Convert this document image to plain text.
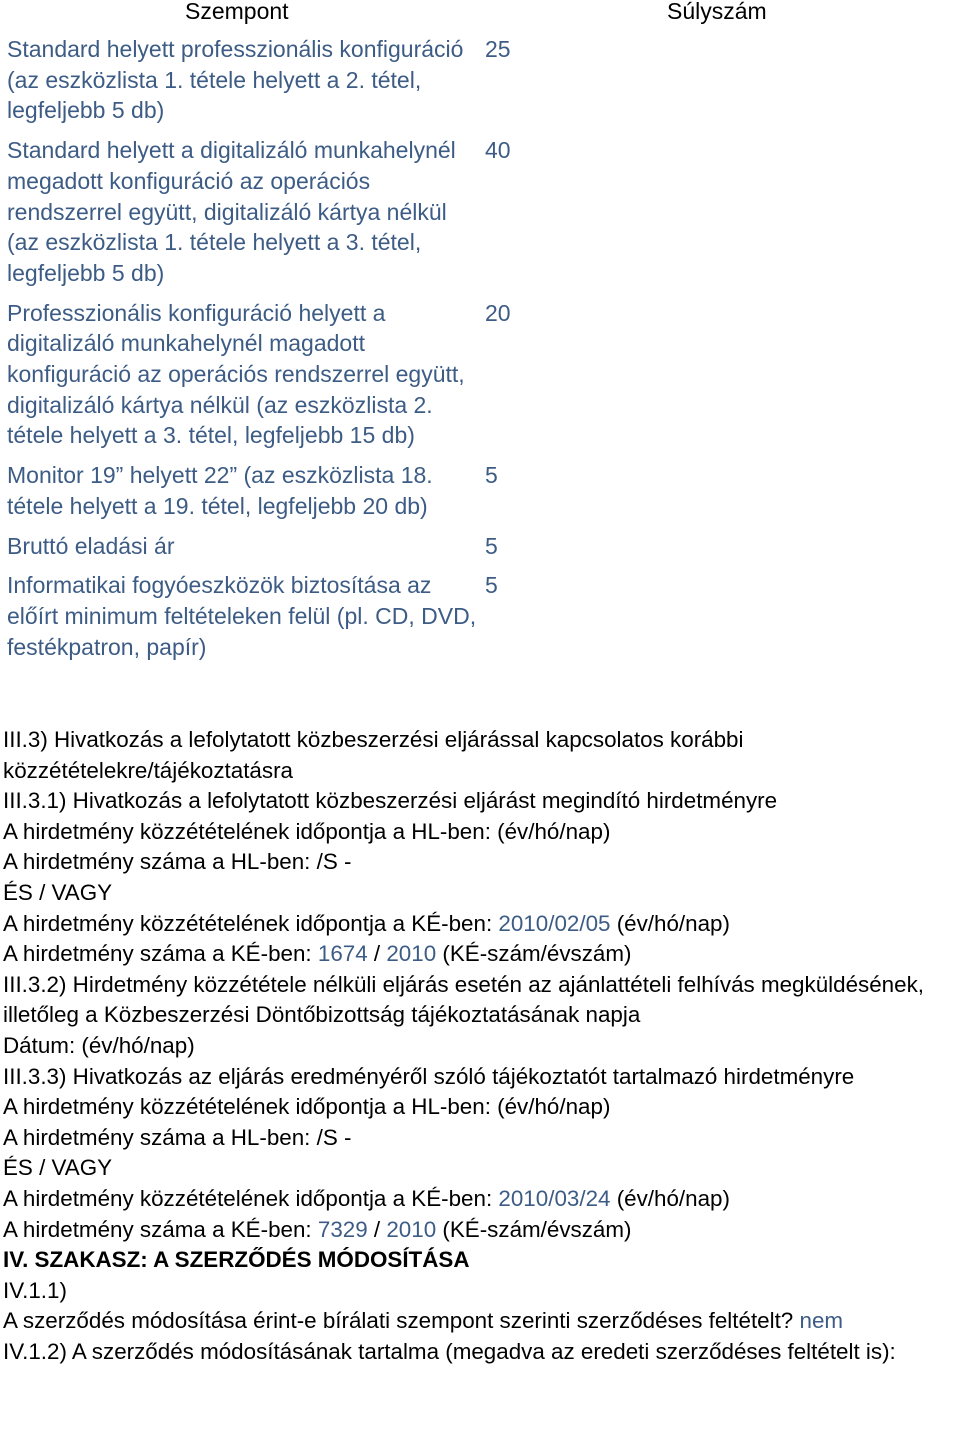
Szempont	Súlyszám
Standard helyett professzionális konfiguráció (az eszközlista 1. tétele helyett a 2. tétel, legfeljebb 5 db)
25
Standard helyett a digitalizáló munkahelynél megadott konfiguráció az operációs rendszerrel együtt, digitalizáló kártya nélkül (az eszközlista 1. tétele helyett a 3. tétel, legfeljebb 5 db)
40
Professzionális konfiguráció helyett a digitalizáló munkahelynél magadott konfiguráció az operációs rendszerrel együtt, digitalizáló kártya nélkül (az eszközlista 2. tétele helyett a 3. tétel, legfeljebb 15 db)
20
Monitor 19” helyett 22” (az eszközlista 18. tétele helyett a 19. tétel, legfeljebb 20 db)
5
Bruttó eladási ár	5
Informatikai fogyóeszközök biztosítása az előírt minimum feltételeken felül (pl. CD, DVD, festékpatron, papír)
5
III.3) Hivatkozás a lefolytatott közbeszerzési eljárással kapcsolatos korábbi közzétételekre/tájékoztatásra
III.3.1) Hivatkozás a lefolytatott közbeszerzési eljárást megindító hirdetményre
A hirdetmény közzétételének időpontja a HL-ben: (év/hó/nap)
A hirdetmény száma a HL-ben: /S -
ÉS / VAGY
A hirdetmény közzétételének időpontja a KÉ-ben: 2010/02/05 (év/hó/nap)
A hirdetmény száma a KÉ-ben: 1674 / 2010 (KÉ-szám/évszám)
III.3.2) Hirdetmény közzététele nélküli eljárás esetén az ajánlattételi felhívás megküldésének, illetőleg a Közbeszerzési Döntőbizottság tájékoztatásának napja
Dátum: (év/hó/nap)
III.3.3) Hivatkozás az eljárás eredményéről szóló tájékoztatót tartalmazó hirdetményre
A hirdetmény közzétételének időpontja a HL-ben: (év/hó/nap)
A hirdetmény száma a HL-ben: /S -
ÉS / VAGY
A hirdetmény közzétételének időpontja a KÉ-ben: 2010/03/24 (év/hó/nap)
A hirdetmény száma a KÉ-ben: 7329 / 2010 (KÉ-szám/évszám)
IV. SZAKASZ: A SZERZŐDÉS MÓDOSÍTÁSA
IV.1.1)
A szerződés módosítása érint-e bírálati szempont szerinti szerződéses feltételt? nem
IV.1.2) A szerződés módosításának tartalma (megadva az eredeti szerződéses feltételt is):
